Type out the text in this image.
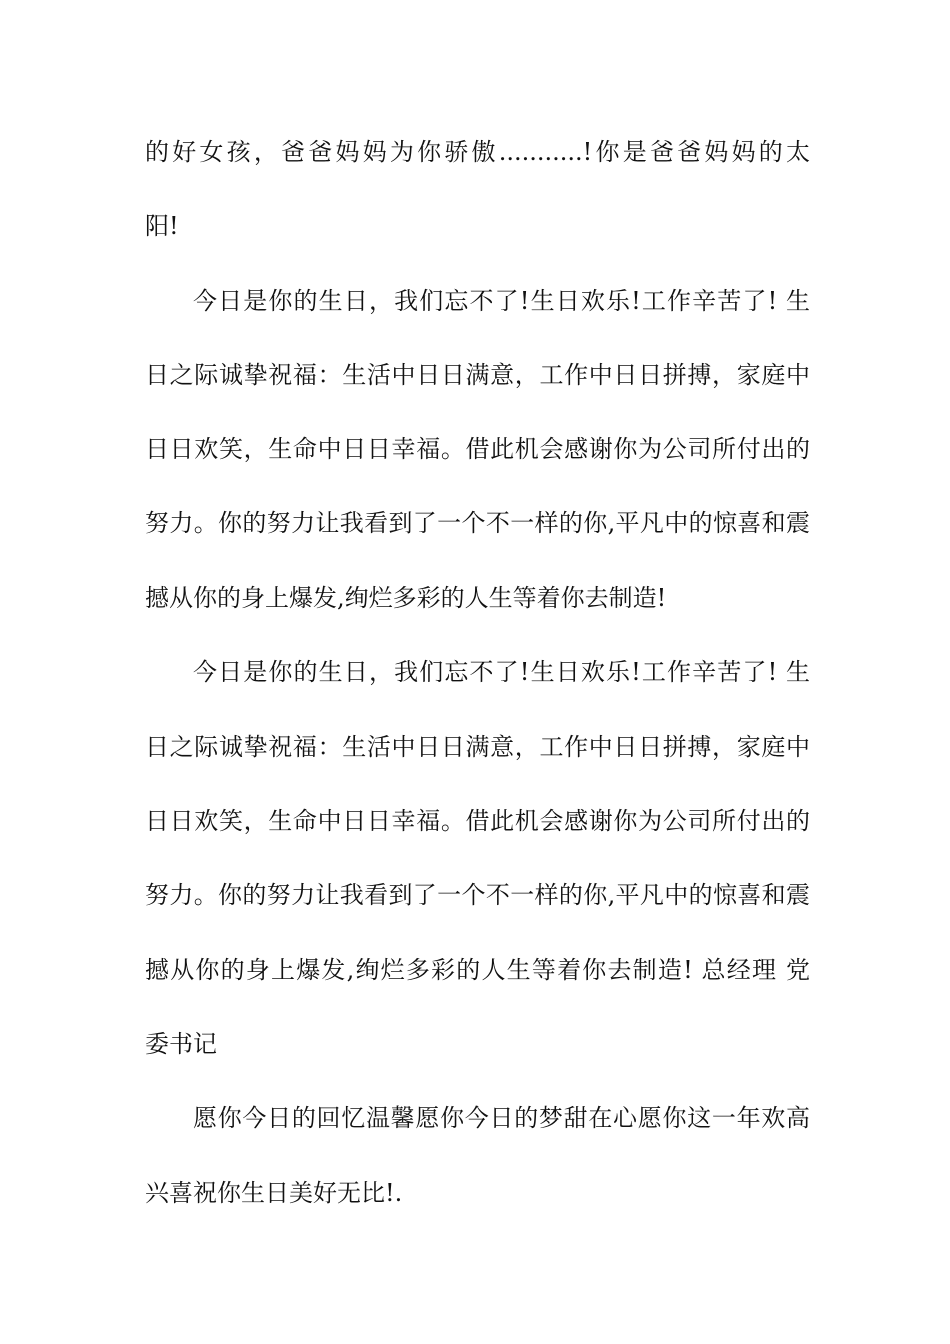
的好女孩，爸爸妈妈为你骄傲...........!你是爸爸妈妈的太
阳!
今日是你的生日，我们忘不了!生日欢乐!工作辛苦了! 生
日之际诚挚祝福：生活中日日满意，工作中日日拼搏，家庭中
日日欢笑，生命中日日幸福。借此机会感谢你为公司所付出的
努力。你的努力让我看到了一个不一样的你,平凡中的惊喜和震
撼从你的身上爆发,绚烂多彩的人生等着你去制造!
今日是你的生日，我们忘不了!生日欢乐!工作辛苦了! 生
日之际诚挚祝福：生活中日日满意，工作中日日拼搏，家庭中
日日欢笑，生命中日日幸福。借此机会感谢你为公司所付出的
努力。你的努力让我看到了一个不一样的你,平凡中的惊喜和震
撼从你的身上爆发,绚烂多彩的人生等着你去制造! 总经理 党
委书记
愿你今日的回忆温馨愿你今日的梦甜在心愿你这一年欢高
兴喜祝你生日美好无比!.
